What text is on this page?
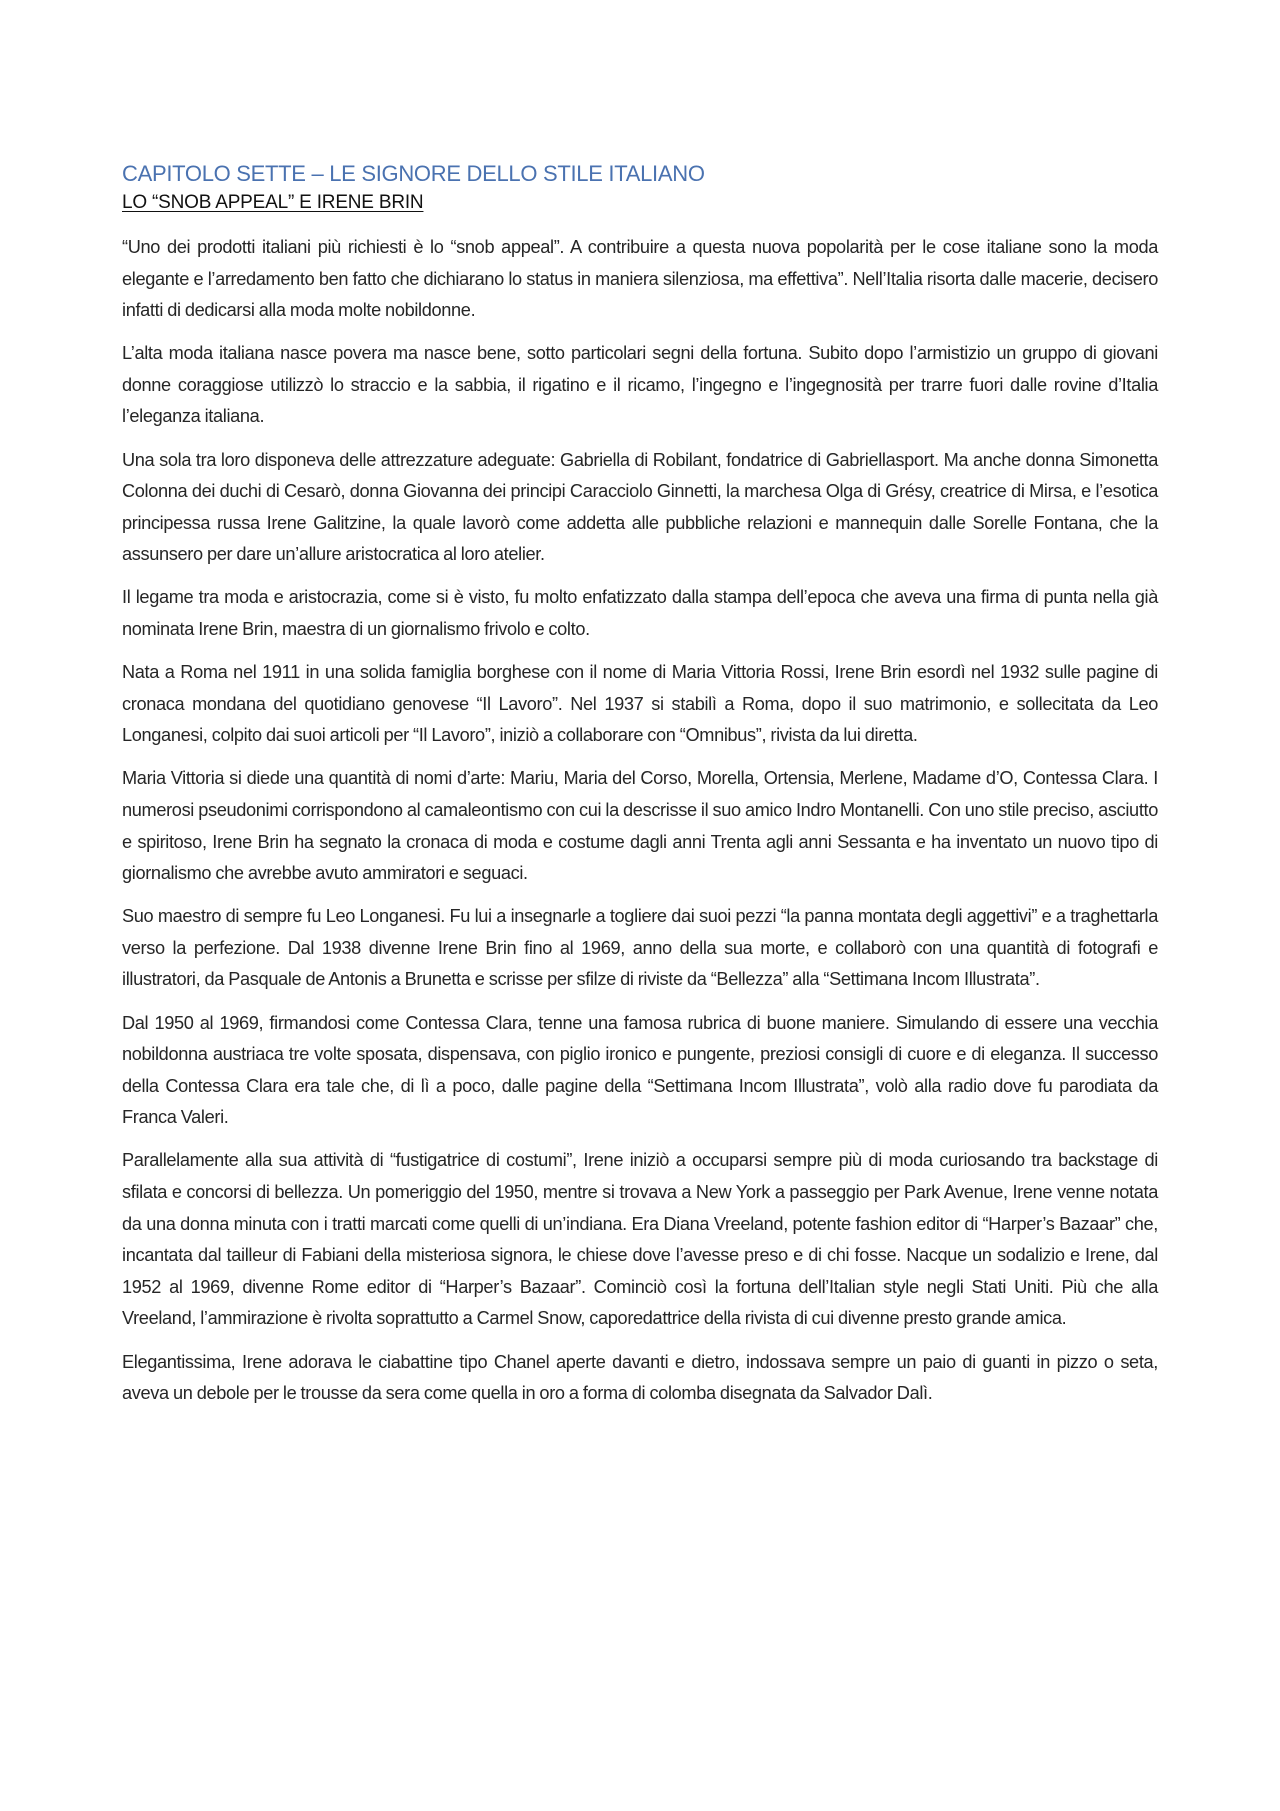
CAPITOLO SETTE – LE SIGNORE DELLO STILE ITALIANO
LO “SNOB APPEAL” E IRENE BRIN

“Uno dei prodotti italiani più richiesti è lo “snob appeal”. A contribuire a questa nuova popolarità per le cose italiane sono la moda elegante e l’arredamento ben fatto che dichiarano lo status in maniera silenziosa, ma effettiva”. Nell’Italia risorta dalle macerie, decisero infatti di dedicarsi alla moda molte nobildonne.

L’alta moda italiana nasce povera ma nasce bene, sotto particolari segni della fortuna. Subito dopo l’armistizio un gruppo di giovani donne coraggiose utilizzò lo straccio e la sabbia, il rigatino e il ricamo, l’ingegno e l’ingegnosità per trarre fuori dalle rovine d’Italia l’eleganza italiana.

Una sola tra loro disponeva delle attrezzature adeguate: Gabriella di Robilant, fondatrice di Gabriellasport. Ma anche donna Simonetta Colonna dei duchi di Cesarò, donna Giovanna dei principi Caracciolo Ginnetti, la marchesa Olga di Grésy, creatrice di Mirsa, e l’esotica principessa russa Irene Galitzine, la quale lavorò come addetta alle pubbliche relazioni e mannequin dalle Sorelle Fontana, che la assunsero per dare un’allure aristocratica al loro atelier.

Il legame tra moda e aristocrazia, come si è visto, fu molto enfatizzato dalla stampa dell’epoca che aveva una firma di punta nella già nominata Irene Brin, maestra di un giornalismo frivolo e colto.

Nata a Roma nel 1911 in una solida famiglia borghese con il nome di Maria Vittoria Rossi, Irene Brin esordì nel 1932 sulle pagine di cronaca mondana del quotidiano genovese “Il Lavoro”. Nel 1937 si stabilì a Roma, dopo il suo matrimonio, e sollecitata da Leo Longanesi, colpito dai suoi articoli per “Il Lavoro”, iniziò a collaborare con “Omnibus”, rivista da lui diretta.

Maria Vittoria si diede una quantità di nomi d’arte: Mariu, Maria del Corso, Morella, Ortensia, Merlene, Madame d’O, Contessa Clara. I numerosi pseudonimi corrispondono al camaleontismo con cui la descrisse il suo amico Indro Montanelli. Con uno stile preciso, asciutto e spiritoso, Irene Brin ha segnato la cronaca di moda e costume dagli anni Trenta agli anni Sessanta e ha inventato un nuovo tipo di giornalismo che avrebbe avuto ammiratori e seguaci.

Suo maestro di sempre fu Leo Longanesi. Fu lui a insegnarle a togliere dai suoi pezzi “la panna montata degli aggettivi” e a traghettarla verso la perfezione. Dal 1938 divenne Irene Brin fino al 1969, anno della sua morte, e collaborò con una quantità di fotografi e illustratori, da Pasquale de Antonis a Brunetta e scrisse per sfilze di riviste da “Bellezza” alla “Settimana Incom Illustrata”.

Dal 1950 al 1969, firmandosi come Contessa Clara, tenne una famosa rubrica di buone maniere. Simulando di essere una vecchia nobildonna austriaca tre volte sposata, dispensava, con piglio ironico e pungente, preziosi consigli di cuore e di eleganza. Il successo della Contessa Clara era tale che, di lì a poco, dalle pagine della “Settimana Incom Illustrata”, volò alla radio dove fu parodiata da Franca Valeri.

Parallelamente alla sua attività di “fustigatrice di costumi”, Irene iniziò a occuparsi sempre più di moda curiosando tra backstage di sfilata e concorsi di bellezza. Un pomeriggio del 1950, mentre si trovava a New York a passeggio per Park Avenue, Irene venne notata da una donna minuta con i tratti marcati come quelli di un’indiana. Era Diana Vreeland, potente fashion editor di “Harper’s Bazaar” che, incantata dal tailleur di Fabiani della misteriosa signora, le chiese dove l’avesse preso e di chi fosse. Nacque un sodalizio e Irene, dal 1952 al 1969, divenne Rome editor di “Harper’s Bazaar”. Cominciò così la fortuna dell’Italian style negli Stati Uniti. Più che alla Vreeland, l’ammirazione è rivolta soprattutto a Carmel Snow, caporedattrice della rivista di cui divenne presto grande amica.

Elegantissima, Irene adorava le ciabattine tipo Chanel aperte davanti e dietro, indossava sempre un paio di guanti in pizzo o seta, aveva un debole per le trousse da sera come quella in oro a forma di colomba disegnata da Salvador Dalì.
